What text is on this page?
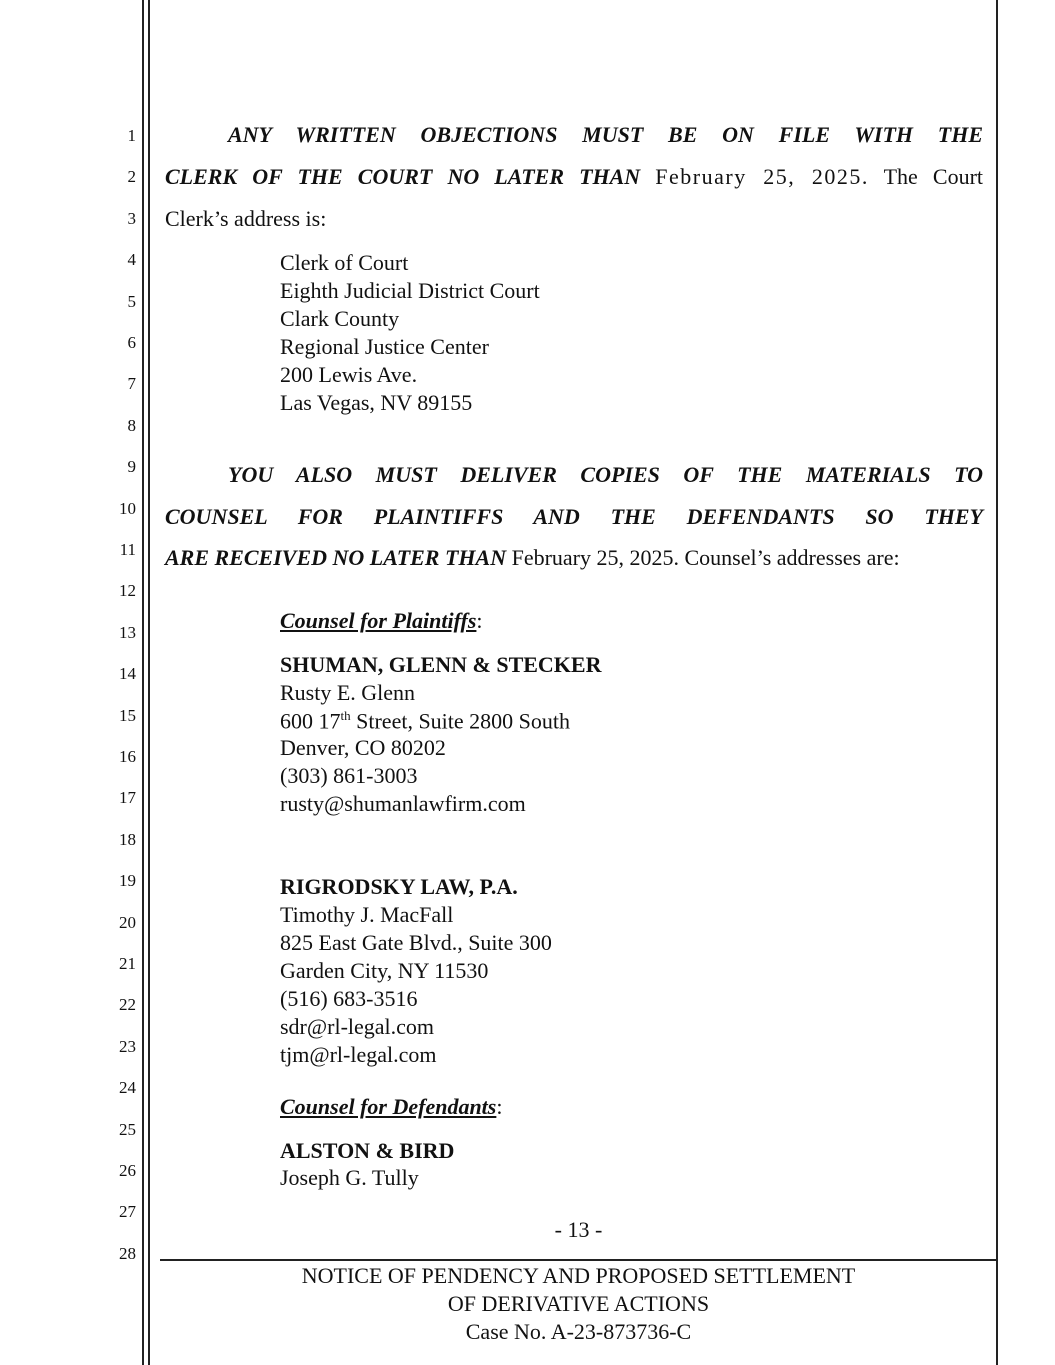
ANY WRITTEN OBJECTIONS MUST BE ON FILE WITH THE
CLERK OF THE COURT NO LATER THAN February 25, 2025. The Court
Clerk’s address is:
YOU ALSO MUST DELIVER COPIES OF THE MATERIALS TO
COUNSEL FOR PLAINTIFFS AND THE DEFENDANTS SO THEY
ARE RECEIVED NO LATER THAN February 25, 2025. Counsel’s addresses are:
Counsel for Plaintiffs:
SHUMAN, GLENN & STECKER
Rusty E. Glenn
600 17th Street, Suite 2800 South
Denver, CO 80202
(303) 861-3003
rusty@shumanlawfirm.com
RIGRODSKY LAW, P.A.
Counsel for Defendants:
ALSTON & BIRD
Joseph G. Tully
- 13 -
NOTICE OF PENDENCY AND PROPOSED SETTLEMENT
OF DERIVATIVE ACTIONS
Case No. A-23-873736-C
1
2
3
4
5
6
7
8
9
10
11
12
13
14
15
16
17
18
19
20
21
22
23
24
25
26
27
28
Clerk of Court
Eighth Judicial District Court
Clark County
Regional Justice Center
200 Lewis Ave.
Las Vegas, NV 89155
Timothy J. MacFall
825 East Gate Blvd., Suite 300
Garden City, NY 11530
(516) 683-3516
sdr@rl-legal.com
tjm@rl-legal.com
